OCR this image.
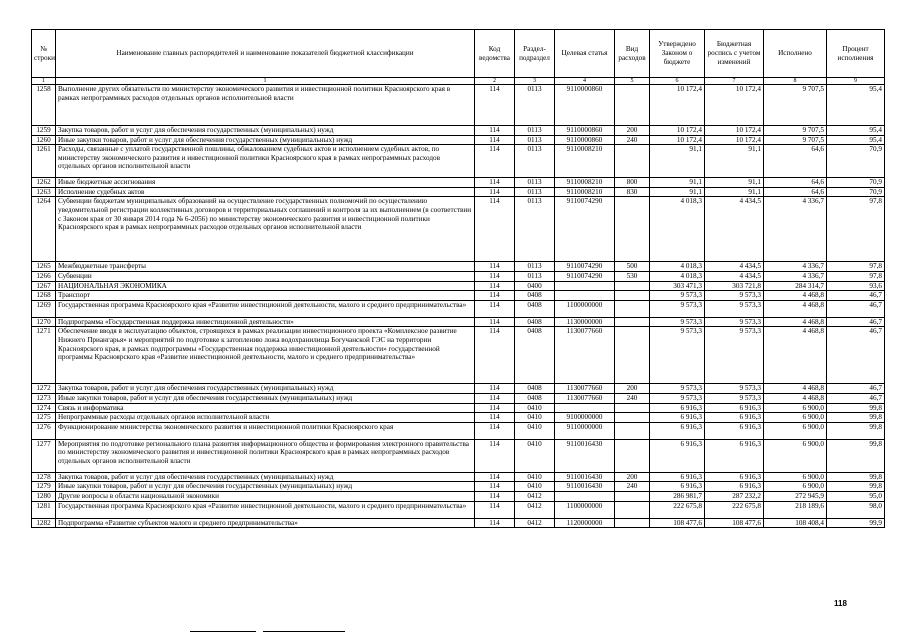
№ строки	Наименование главных распорядителей и наименование показателей бюджетной классификации	Код ведомства	Раздел-подраздел	Целевая статья	Вид расходов	Утверждено Законом о бюджете	Бюджетная роспись с учетом изменений	Исполнено	Процент исполнения
1	1	2	3	4	5	6	7	8	9
1258	Выполнение других обязательств по министерству экономического развития и инвестиционной политики Красноярского края в рамках непрограммных расходов отдельных органов исполнительной власти	114	0113	9110000860		10 172,4	10 172,4	9 707,5	95,4
1259	Закупка товаров, работ и услуг для обеспечения государственных (муниципальных) нужд	114	0113	9110000860	200	10 172,4	10 172,4	9 707,5	95,4
1260	Иные закупки товаров, работ и услуг для обеспечения государственных (муниципальных) нужд	114	0113	9110000860	240	10 172,4	10 172,4	9 707,5	95,4
1261	Расходы, связанные с уплатой государственной пошлины, обжалованием судебных актов и исполнением судебных актов, по министерству экономического развития и инвестиционной политики Красноярского края в рамках непрограммных расходов отдельных органов исполнительной власти	114	0113	9110008210		91,1	91,1	64,6	70,9
1262	Иные бюджетные ассигнования	114	0113	9110008210	800	91,1	91,1	64,6	70,9
1263	Исполнение судебных актов	114	0113	9110008210	830	91,1	91,1	64,6	70,9
1264	Субвенции бюджетам муниципальных образований на осуществление государственных полномочий по осуществлению уведомительной регистрации коллективных договоров и территориальных соглашений и контроля за их выполнением (в соответствии с Законом края от 30 января 2014 года № 6-2056) по министерству экономического развития и инвестиционной политики Красноярского края в рамках непрограммных расходов отдельных органов исполнительной власти	114	0113	9110074290		4 018,3	4 434,5	4 336,7	97,8
1265	Межбюджетные трансферты	114	0113	9110074290	500	4 018,3	4 434,5	4 336,7	97,8
1266	Субвенции	114	0113	9110074290	530	4 018,3	4 434,5	4 336,7	97,8
1267	НАЦИОНАЛЬНАЯ ЭКОНОМИКА	114	0400			303 471,3	303 721,8	284 314,7	93,6
1268	Транспорт	114	0408			9 573,3	9 573,3	4 468,8	46,7
1269	Государственная программа Красноярского края «Развитие инвестиционной деятельности, малого и среднего предпринимательства»	114	0408	1100000000		9 573,3	9 573,3	4 468,8	46,7
1270	Подпрограмма «Государственная поддержка инвестиционной деятельности»	114	0408	1130000000		9 573,3	9 573,3	4 468,8	46,7
1271	Обеспечение вводя в эксплуатацию объектов, строящихся в рамках реализации инвестиционного проекта «Комплексное развитие Нижнего Приангарья» и мероприятий по подготовке к затоплению ложа водохранилища Богучанской ГЭС на территории Красноярского края, в рамках подпрограммы «Государственная поддержка инвестиционной деятельности» государственной программы Красноярского края «Развитие инвестиционной деятельности, малого и среднего предпринимательства»	114	0408	1130077660		9 573,3	9 573,3	4 468,8	46,7
1272	Закупка товаров, работ и услуг для обеспечения государственных (муниципальных) нужд	114	0408	1130077660	200	9 573,3	9 573,3	4 468,8	46,7
1273	Иные закупки товаров, работ и услуг для обеспечения государственных (муниципальных) нужд	114	0408	1130077660	240	9 573,3	9 573,3	4 468,8	46,7
1274	Связь и информатика	114	0410			6 916,3	6 916,3	6 900,0	99,8
1275	Непрограммные расходы отдельных органов исполнительной власти	114	0410	9100000000		6 916,3	6 916,3	6 900,0	99,8
1276	Функционирование министерства экономического развития и инвестиционной политики Красноярского края	114	0410	9110000000		6 916,3	6 916,3	6 900,0	99,8
1277	Мероприятия по подготовке регионального плана развития информационного общества и формирования электронного правительства по министерству экономического развития и инвестиционной политики Красноярского края в рамках непрограммных расходов отдельных органов исполнительной власти	114	0410	9110016430		6 916,3	6 916,3	6 900,0	99,8
1278	Закупка товаров, работ и услуг для обеспечения государственных (муниципальных) нужд	114	0410	9110016430	200	6 916,3	6 916,3	6 900,0	99,8
1279	Иные закупки товаров, работ и услуг для обеспечения государственных (муниципальных) нужд	114	0410	9110016430	240	6 916,3	6 916,3	6 900,0	99,8
1280	Другие вопросы в области национальной экономики	114	0412			286 981,7	287 232,2	272 945,9	95,0
1281	Государственная программа Красноярского края «Развитие инвестиционной деятельности, малого и среднего предпринимательства»	114	0412	1100000000		222 675,8	222 675,8	218 189,6	98,0
1282	Подпрограмма «Развитие субъектов малого и среднего предпринимательства»	114	0412	1120000000		108 477,6	108 477,6	108 408,4	99,9
118
